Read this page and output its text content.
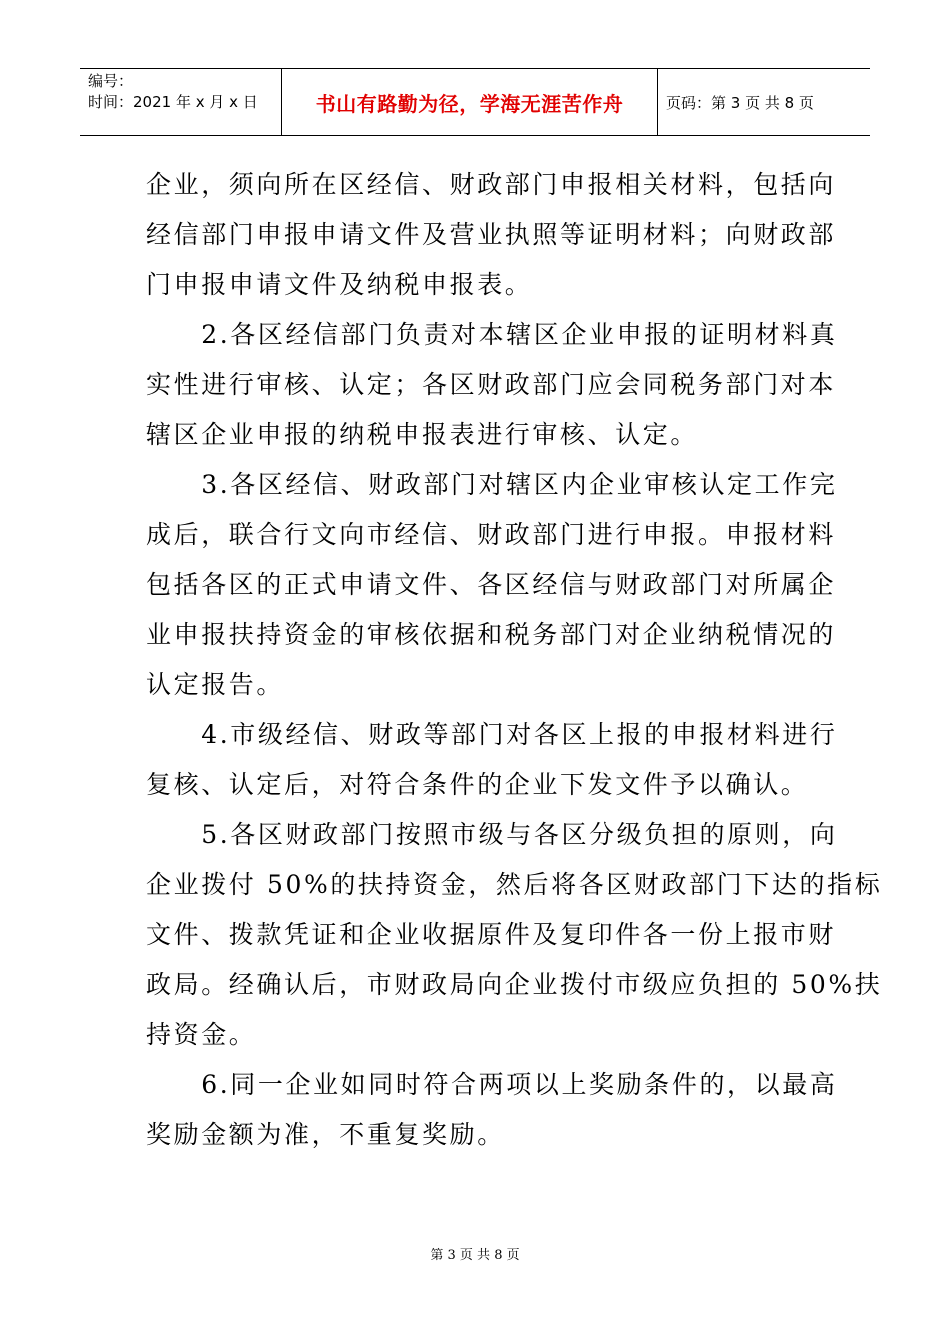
编号：
时间：2021 年 x 月 x 日	书山有路勤为径，学海无涯苦作舟	页码：第 3 页 共 8 页
企业，须向所在区经信、财政部门申报相关材料，包括向
经信部门申报申请文件及营业执照等证明材料；向财政部
门申报申请文件及纳税申报表。
　　2.各区经信部门负责对本辖区企业申报的证明材料真
实性进行审核、认定；各区财政部门应会同税务部门对本
辖区企业申报的纳税申报表进行审核、认定。
　　3.各区经信、财政部门对辖区内企业审核认定工作完
成后，联合行文向市经信、财政部门进行申报。申报材料
包括各区的正式申请文件、各区经信与财政部门对所属企
业申报扶持资金的审核依据和税务部门对企业纳税情况的
认定报告。
　　4.市级经信、财政等部门对各区上报的申报材料进行
复核、认定后，对符合条件的企业下发文件予以确认。
　　5.各区财政部门按照市级与各区分级负担的原则，向
企业拨付 50%的扶持资金，然后将各区财政部门下达的指标
文件、拨款凭证和企业收据原件及复印件各一份上报市财
政局。经确认后，市财政局向企业拨付市级应负担的 50%扶
持资金。
　　6.同一企业如同时符合两项以上奖励条件的，以最高
奖励金额为准，不重复奖励。
第 3 页 共 8 页
